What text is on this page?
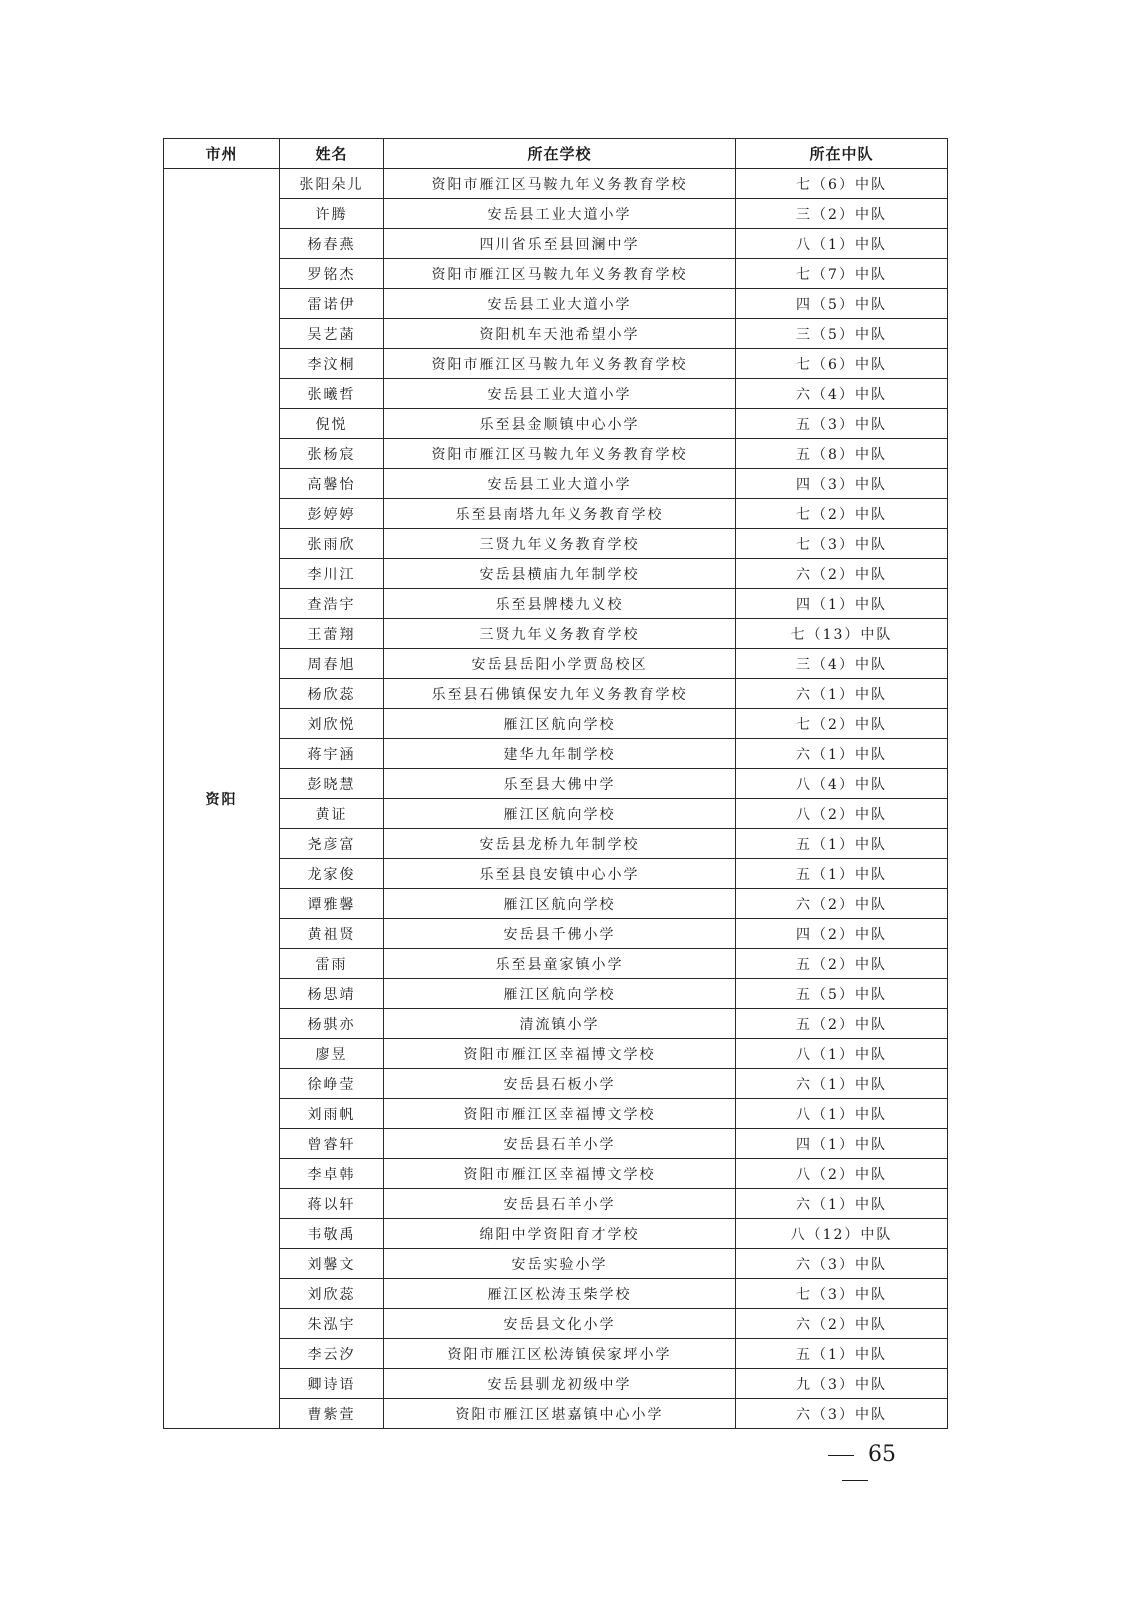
市州	姓名	所在学校	所在中队
资阳	张阳朵儿	资阳市雁江区马鞍九年义务教育学校	七（6）中队
	许腾	安岳县工业大道小学	三（2）中队
	杨春燕	四川省乐至县回澜中学	八（1）中队
	罗铭杰	资阳市雁江区马鞍九年义务教育学校	七（7）中队
	雷诺伊	安岳县工业大道小学	四（5）中队
	吴艺菡	资阳机车天池希望小学	三（5）中队
	李汶桐	资阳市雁江区马鞍九年义务教育学校	七（6）中队
	张曦哲	安岳县工业大道小学	六（4）中队
	倪悦	乐至县金顺镇中心小学	五（3）中队
	张杨宸	资阳市雁江区马鞍九年义务教育学校	五（8）中队
	高馨怡	安岳县工业大道小学	四（3）中队
	彭婷婷	乐至县南塔九年义务教育学校	七（2）中队
	张雨欣	三贤九年义务教育学校	七（3）中队
	李川江	安岳县横庙九年制学校	六（2）中队
	查浩宇	乐至县牌楼九义校	四（1）中队
	王蕾翔	三贤九年义务教育学校	七（13）中队
	周春旭	安岳县岳阳小学贾岛校区	三（4）中队
	杨欣蕊	乐至县石佛镇保安九年义务教育学校	六（1）中队
	刘欣悦	雁江区航向学校	七（2）中队
	蒋宇涵	建华九年制学校	六（1）中队
	彭晓慧	乐至县大佛中学	八（4）中队
	黄证	雁江区航向学校	八（2）中队
	尧彦富	安岳县龙桥九年制学校	五（1）中队
	龙家俊	乐至县良安镇中心小学	五（1）中队
	谭雅馨	雁江区航向学校	六（2）中队
	黄祖贤	安岳县千佛小学	四（2）中队
	雷雨	乐至县童家镇小学	五（2）中队
	杨思靖	雁江区航向学校	五（5）中队
	杨骐亦	清流镇小学	五（2）中队
	廖昱	资阳市雁江区幸福博文学校	八（1）中队
	徐峥莹	安岳县石板小学	六（1）中队
	刘雨帆	资阳市雁江区幸福博文学校	八（1）中队
	曾睿轩	安岳县石羊小学	四（1）中队
	李卓韩	资阳市雁江区幸福博文学校	八（2）中队
	蒋以轩	安岳县石羊小学	六（1）中队
	韦敬禹	绵阳中学资阳育才学校	八（12）中队
	刘馨文	安岳实验小学	六（3）中队
	刘欣蕊	雁江区松涛玉柴学校	七（3）中队
	朱泓宇	安岳县文化小学	六（2）中队
	李云汐	资阳市雁江区松涛镇侯家坪小学	五（1）中队
	卿诗语	安岳县驯龙初级中学	九（3）中队
	曹紫萱	资阳市雁江区堪嘉镇中心小学	六（3）中队
65
